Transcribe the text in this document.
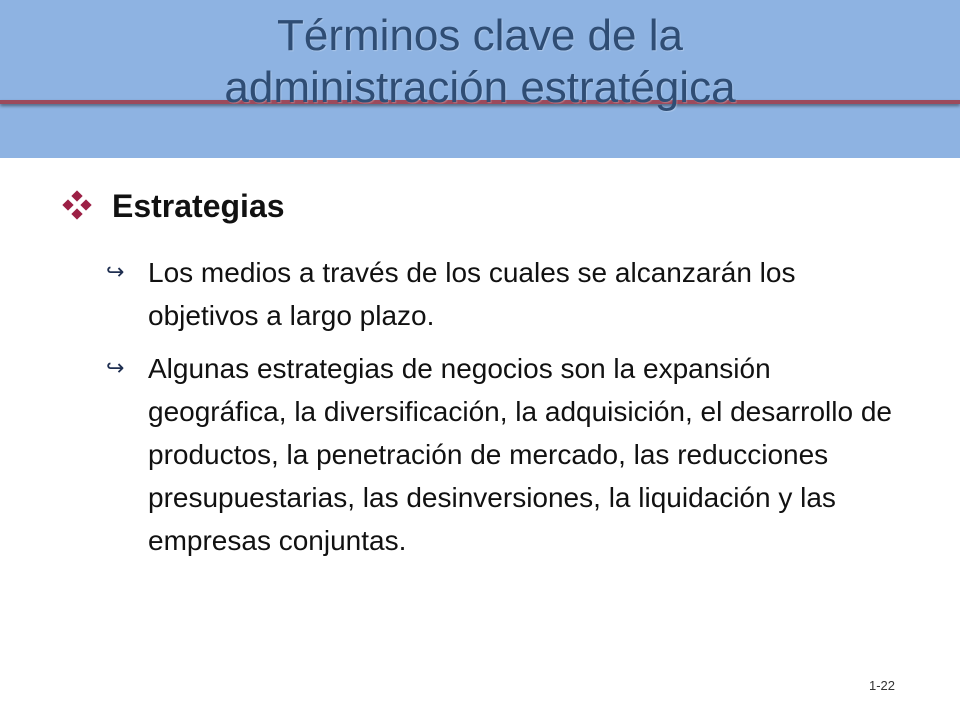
Términos clave de la
administración estratégica
Estrategias
↪ Los medios a través de los cuales se alcanzarán los objetivos a largo plazo.
↪ Algunas estrategias de negocios son la expansión geográfica, la diversificación, la adquisición, el desarrollo de productos, la penetración de mercado, las reducciones presupuestarias, las desinversiones, la liquidación y las empresas conjuntas.
1-22
